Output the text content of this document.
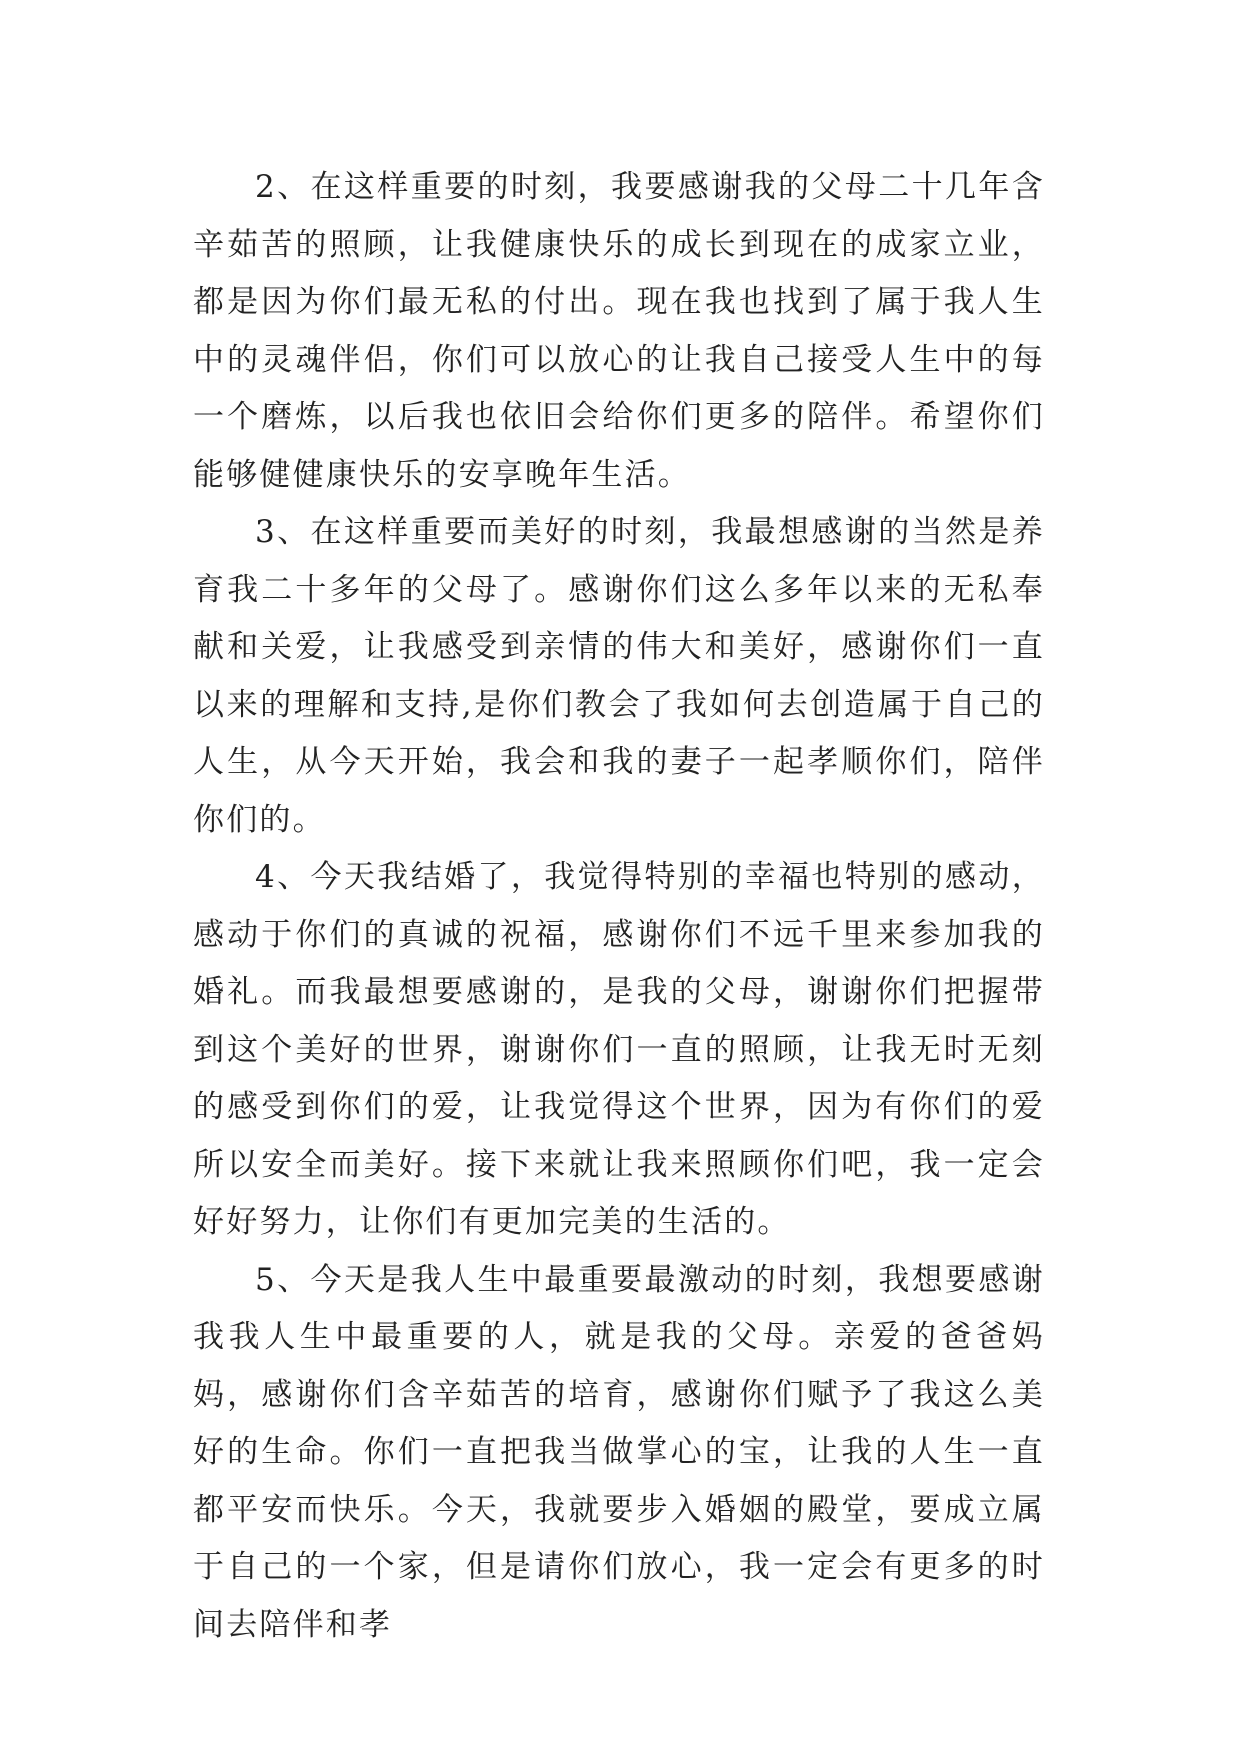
2、在这样重要的时刻，我要感谢我的父母二十几年含辛茹苦的照顾，让我健康快乐的成长到现在的成家立业，都是因为你们最无私的付出。现在我也找到了属于我人生中的灵魂伴侣，你们可以放心的让我自己接受人生中的每一个磨炼，以后我也依旧会给你们更多的陪伴。希望你们能够健健康快乐的安享晚年生活。

3、在这样重要而美好的时刻，我最想感谢的当然是养育我二十多年的父母了。感谢你们这么多年以来的无私奉献和关爱，让我感受到亲情的伟大和美好，感谢你们一直以来的理解和支持,是你们教会了我如何去创造属于自己的人生，从今天开始，我会和我的妻子一起孝顺你们，陪伴你们的。

4、今天我结婚了，我觉得特别的幸福也特别的感动，感动于你们的真诚的祝福，感谢你们不远千里来参加我的婚礼。而我最想要感谢的，是我的父母，谢谢你们把握带到这个美好的世界，谢谢你们一直的照顾，让我无时无刻的感受到你们的爱，让我觉得这个世界，因为有你们的爱所以安全而美好。接下来就让我来照顾你们吧，我一定会好好努力，让你们有更加完美的生活的。

5、今天是我人生中最重要最激动的时刻，我想要感谢我我人生中最重要的人，就是我的父母。亲爱的爸爸妈妈，感谢你们含辛茹苦的培育，感谢你们赋予了我这么美好的生命。你们一直把我当做掌心的宝，让我的人生一直都平安而快乐。今天，我就要步入婚姻的殿堂，要成立属于自己的一个家，但是请你们放心，我一定会有更多的时间去陪伴和孝
